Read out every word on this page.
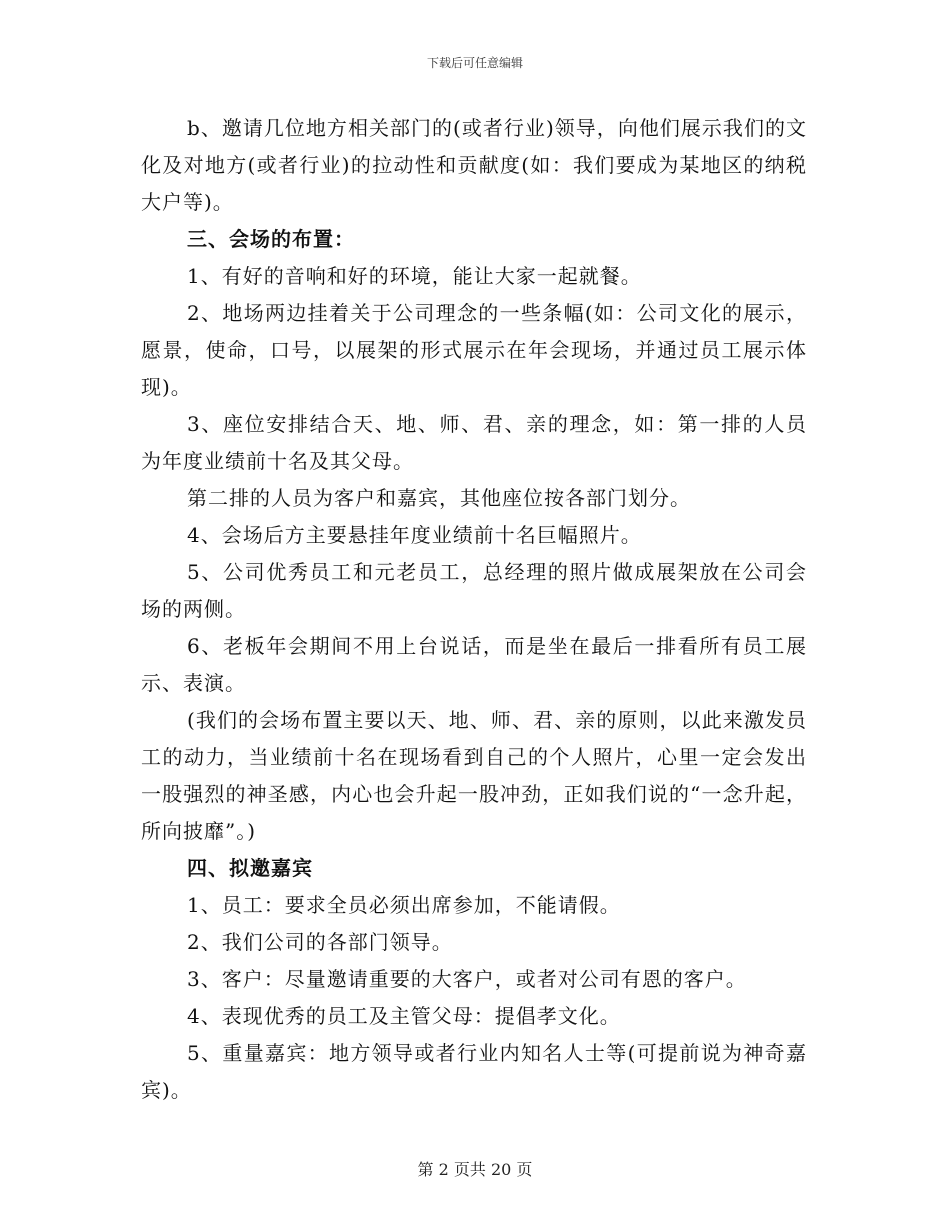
下载后可任意编辑

b、邀请几位地方相关部门的(或者行业)领导，向他们展示我们的文化及对地方(或者行业)的拉动性和贡献度(如：我们要成为某地区的纳税大户等)。

三、会场的布置：

1、有好的音响和好的环境，能让大家一起就餐。

2、地场两边挂着关于公司理念的一些条幅(如：公司文化的展示，愿景，使命，口号，以展架的形式展示在年会现场，并通过员工展示体现)。

3、座位安排结合天、地、师、君、亲的理念，如：第一排的人员为年度业绩前十名及其父母。

第二排的人员为客户和嘉宾，其他座位按各部门划分。

4、会场后方主要悬挂年度业绩前十名巨幅照片。

5、公司优秀员工和元老员工，总经理的照片做成展架放在公司会场的两侧。

6、老板年会期间不用上台说话，而是坐在最后一排看所有员工展示、表演。

(我们的会场布置主要以天、地、师、君、亲的原则，以此来激发员工的动力，当业绩前十名在现场看到自己的个人照片，心里一定会发出一股强烈的神圣感，内心也会升起一股冲劲，正如我们说的“一念升起，所向披靡”。)

四、拟邀嘉宾

1、员工：要求全员必须出席参加，不能请假。

2、我们公司的各部门领导。

3、客户：尽量邀请重要的大客户，或者对公司有恩的客户。

4、表现优秀的员工及主管父母：提倡孝文化。

5、重量嘉宾：地方领导或者行业内知名人士等(可提前说为神奇嘉宾)。

第 2 页共 20 页
